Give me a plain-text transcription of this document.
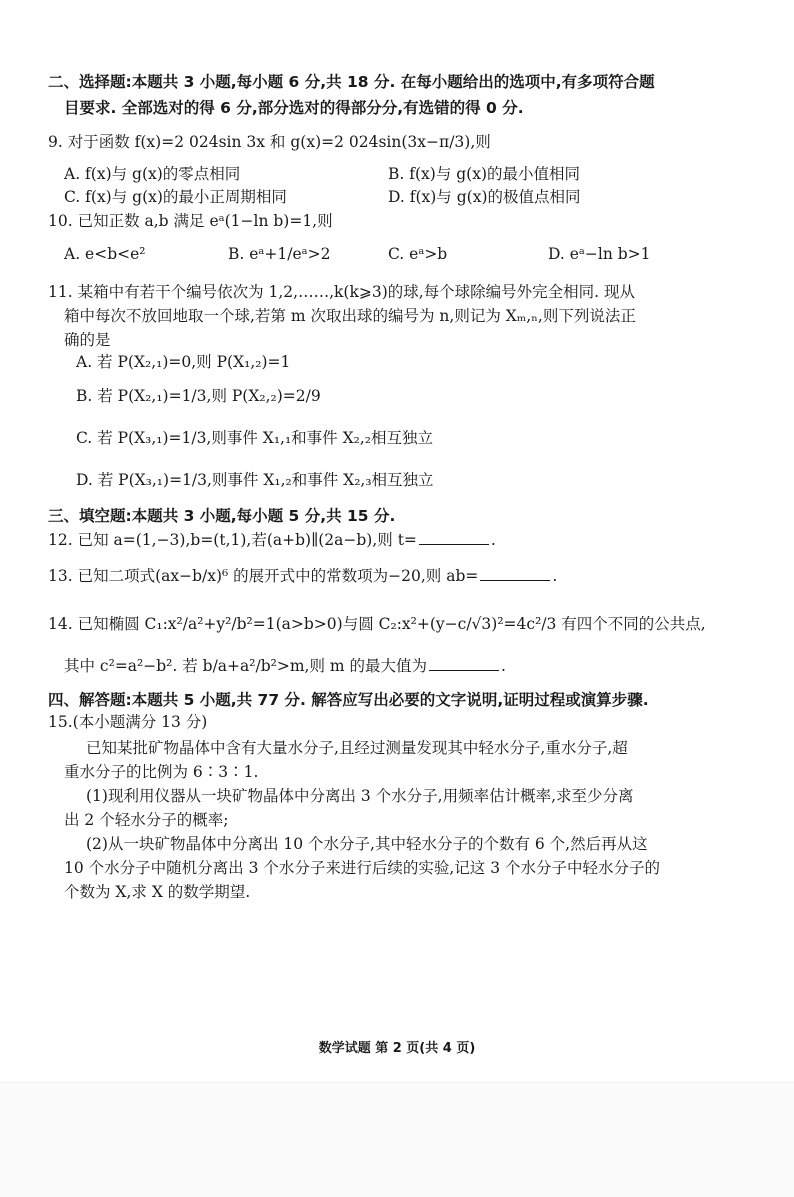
二、选择题:本题共 3 小题,每小题 6 分,共 18 分. 在每小题给出的选项中,有多项符合题
目要求. 全部选对的得 6 分,部分选对的得部分分,有选错的得 0 分.
9. 对于函数 f(x)=2 024sin 3x 和 g(x)=2 024sin(3x−π/3),则
A. f(x)与 g(x)的零点相同	B. f(x)与 g(x)的最小值相同
C. f(x)与 g(x)的最小正周期相同	D. f(x)与 g(x)的极值点相同
10. 已知正数 a,b 满足 eᵃ(1−ln b)=1,则
A. e<b<e²	B. eᵃ+1/eᵃ>2	C. eᵃ>b	D. eᵃ−ln b>1
11. 某箱中有若干个编号依次为 1,2,……,k(k⩾3)的球,每个球除编号外完全相同. 现从
箱中每次不放回地取一个球,若第 m 次取出球的编号为 n,则记为 Xₘ,ₙ,则下列说法正
确的是
A. 若 P(X₂,₁)=0,则 P(X₁,₂)=1
B. 若 P(X₂,₁)=1/3,则 P(X₂,₂)=2/9
C. 若 P(X₃,₁)=1/3,则事件 X₁,₁和事件 X₂,₂相互独立
D. 若 P(X₃,₁)=1/3,则事件 X₁,₂和事件 X₂,₃相互独立
三、填空题:本题共 3 小题,每小题 5 分,共 15 分.
12. 已知 a=(1,−3),b=(t,1),若(a+b)∥(2a−b),则 t=	.
13. 已知二项式(ax−b/x)⁶ 的展开式中的常数项为−20,则 ab=	.
14. 已知椭圆 C₁:x²/a²+y²/b²=1(a>b>0)与圆 C₂:x²+(y−c/√3)²=4c²/3 有四个不同的公共点,
其中 c²=a²−b². 若 b/a+a²/b²>m,则 m 的最大值为	.
四、解答题:本题共 5 小题,共 77 分. 解答应写出必要的文字说明,证明过程或演算步骤.
15.(本小题满分 13 分)
已知某批矿物晶体中含有大量水分子,且经过测量发现其中轻水分子,重水分子,超
重水分子的比例为 6∶3∶1.
(1)现利用仪器从一块矿物晶体中分离出 3 个水分子,用频率估计概率,求至少分离
出 2 个轻水分子的概率;
(2)从一块矿物晶体中分离出 10 个水分子,其中轻水分子的个数有 6 个,然后再从这
10 个水分子中随机分离出 3 个水分子来进行后续的实验,记这 3 个水分子中轻水分子的
个数为 X,求 X 的数学期望.
数学试题 第 2 页(共 4 页)
